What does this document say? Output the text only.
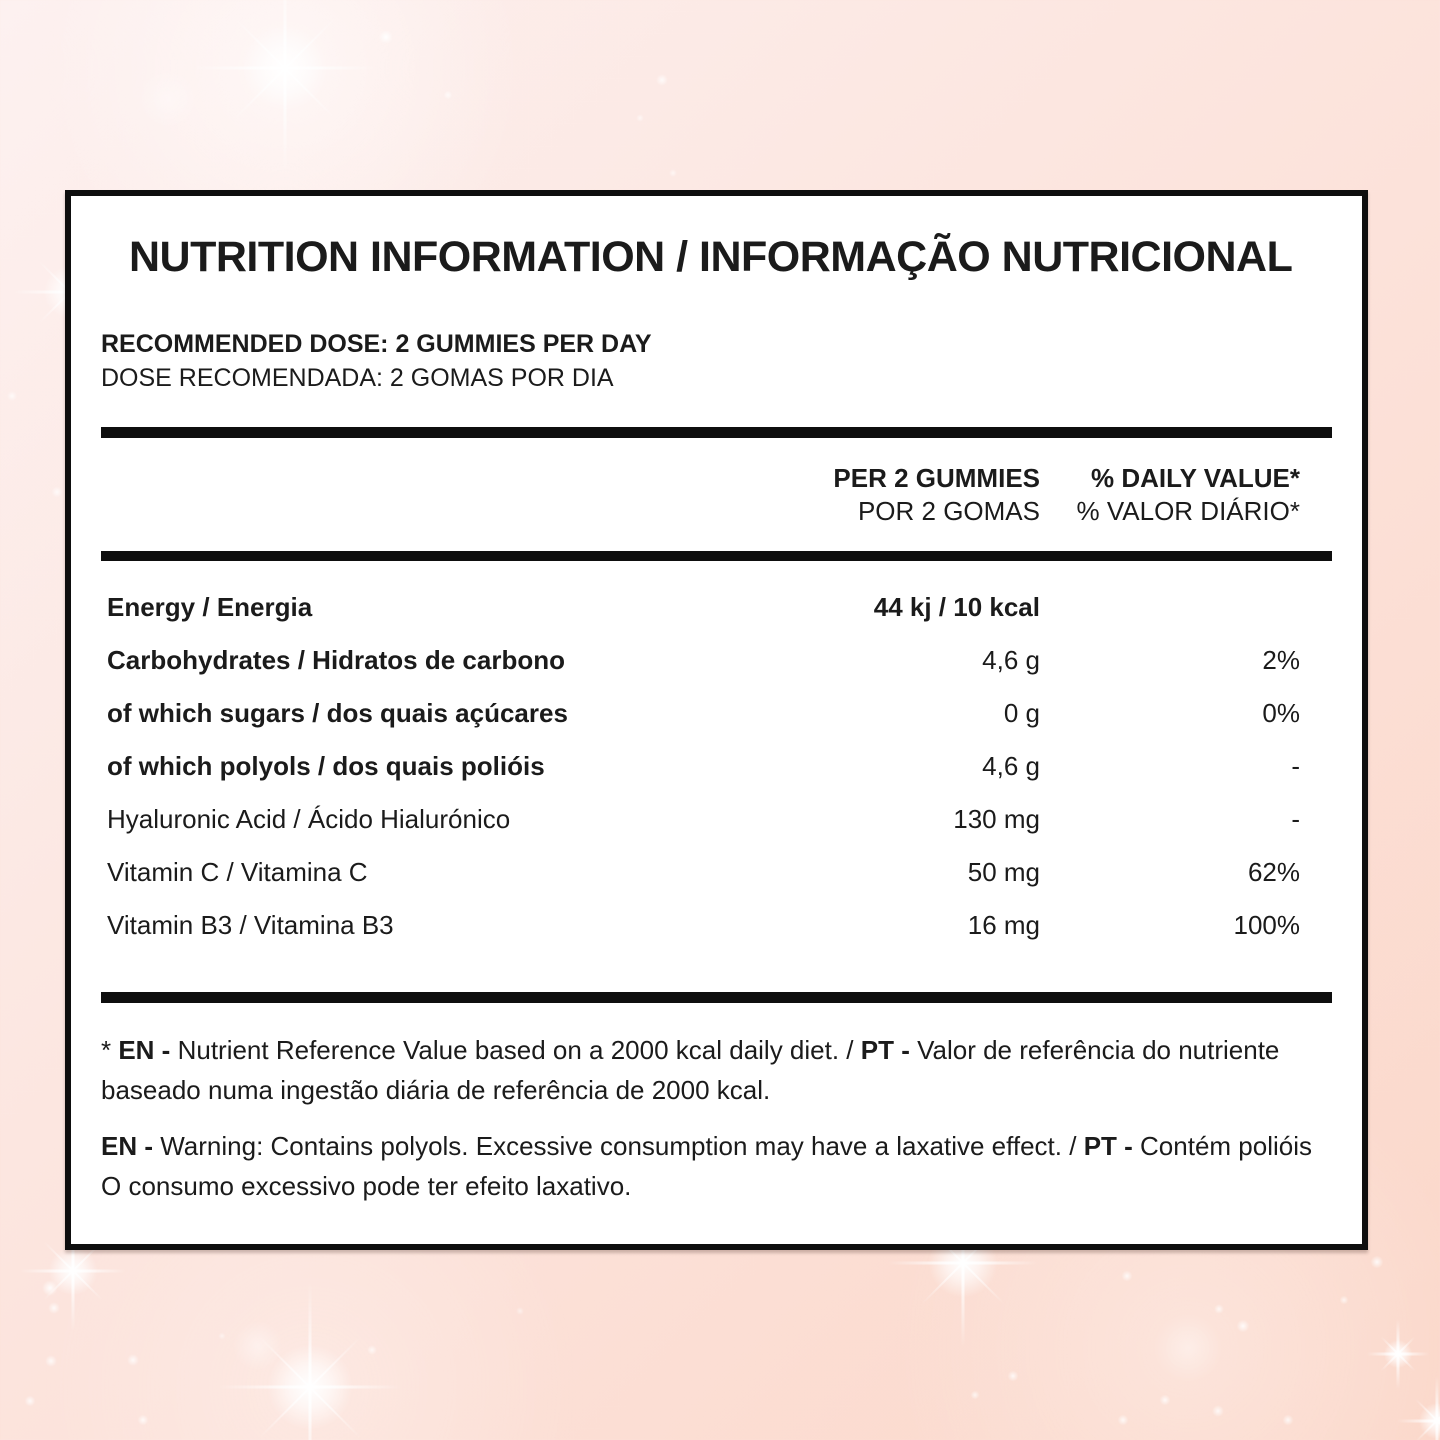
NUTRITION INFORMATION / INFORMAÇÃO NUTRICIONAL
RECOMMENDED DOSE: 2 GUMMIES PER DAY
DOSE RECOMENDADA: 2 GOMAS POR DIA
PER 2 GUMMIES
POR 2 GOMAS
% DAILY VALUE*
% VALOR DIÁRIO*
Energy / Energia	44 kj / 10 kcal
Carbohydrates / Hidratos de carbono	4,6 g	2%
of which sugars / dos quais açúcares	0 g	0%
of which polyols / dos quais polióis	4,6 g	-
Hyaluronic Acid / Ácido Hialurónico	130 mg	-
Vitamin C / Vitamina C	50 mg	62%
Vitamin B3 / Vitamina B3	16 mg	100%
* EN - Nutrient Reference Value based on a 2000 kcal daily diet. / PT - Valor de referência do nutriente
baseado numa ingestão diária de referência de 2000 kcal.
EN - Warning: Contains polyols. Excessive consumption may have a laxative effect. / PT - Contém polióis
O consumo excessivo pode ter efeito laxativo.
